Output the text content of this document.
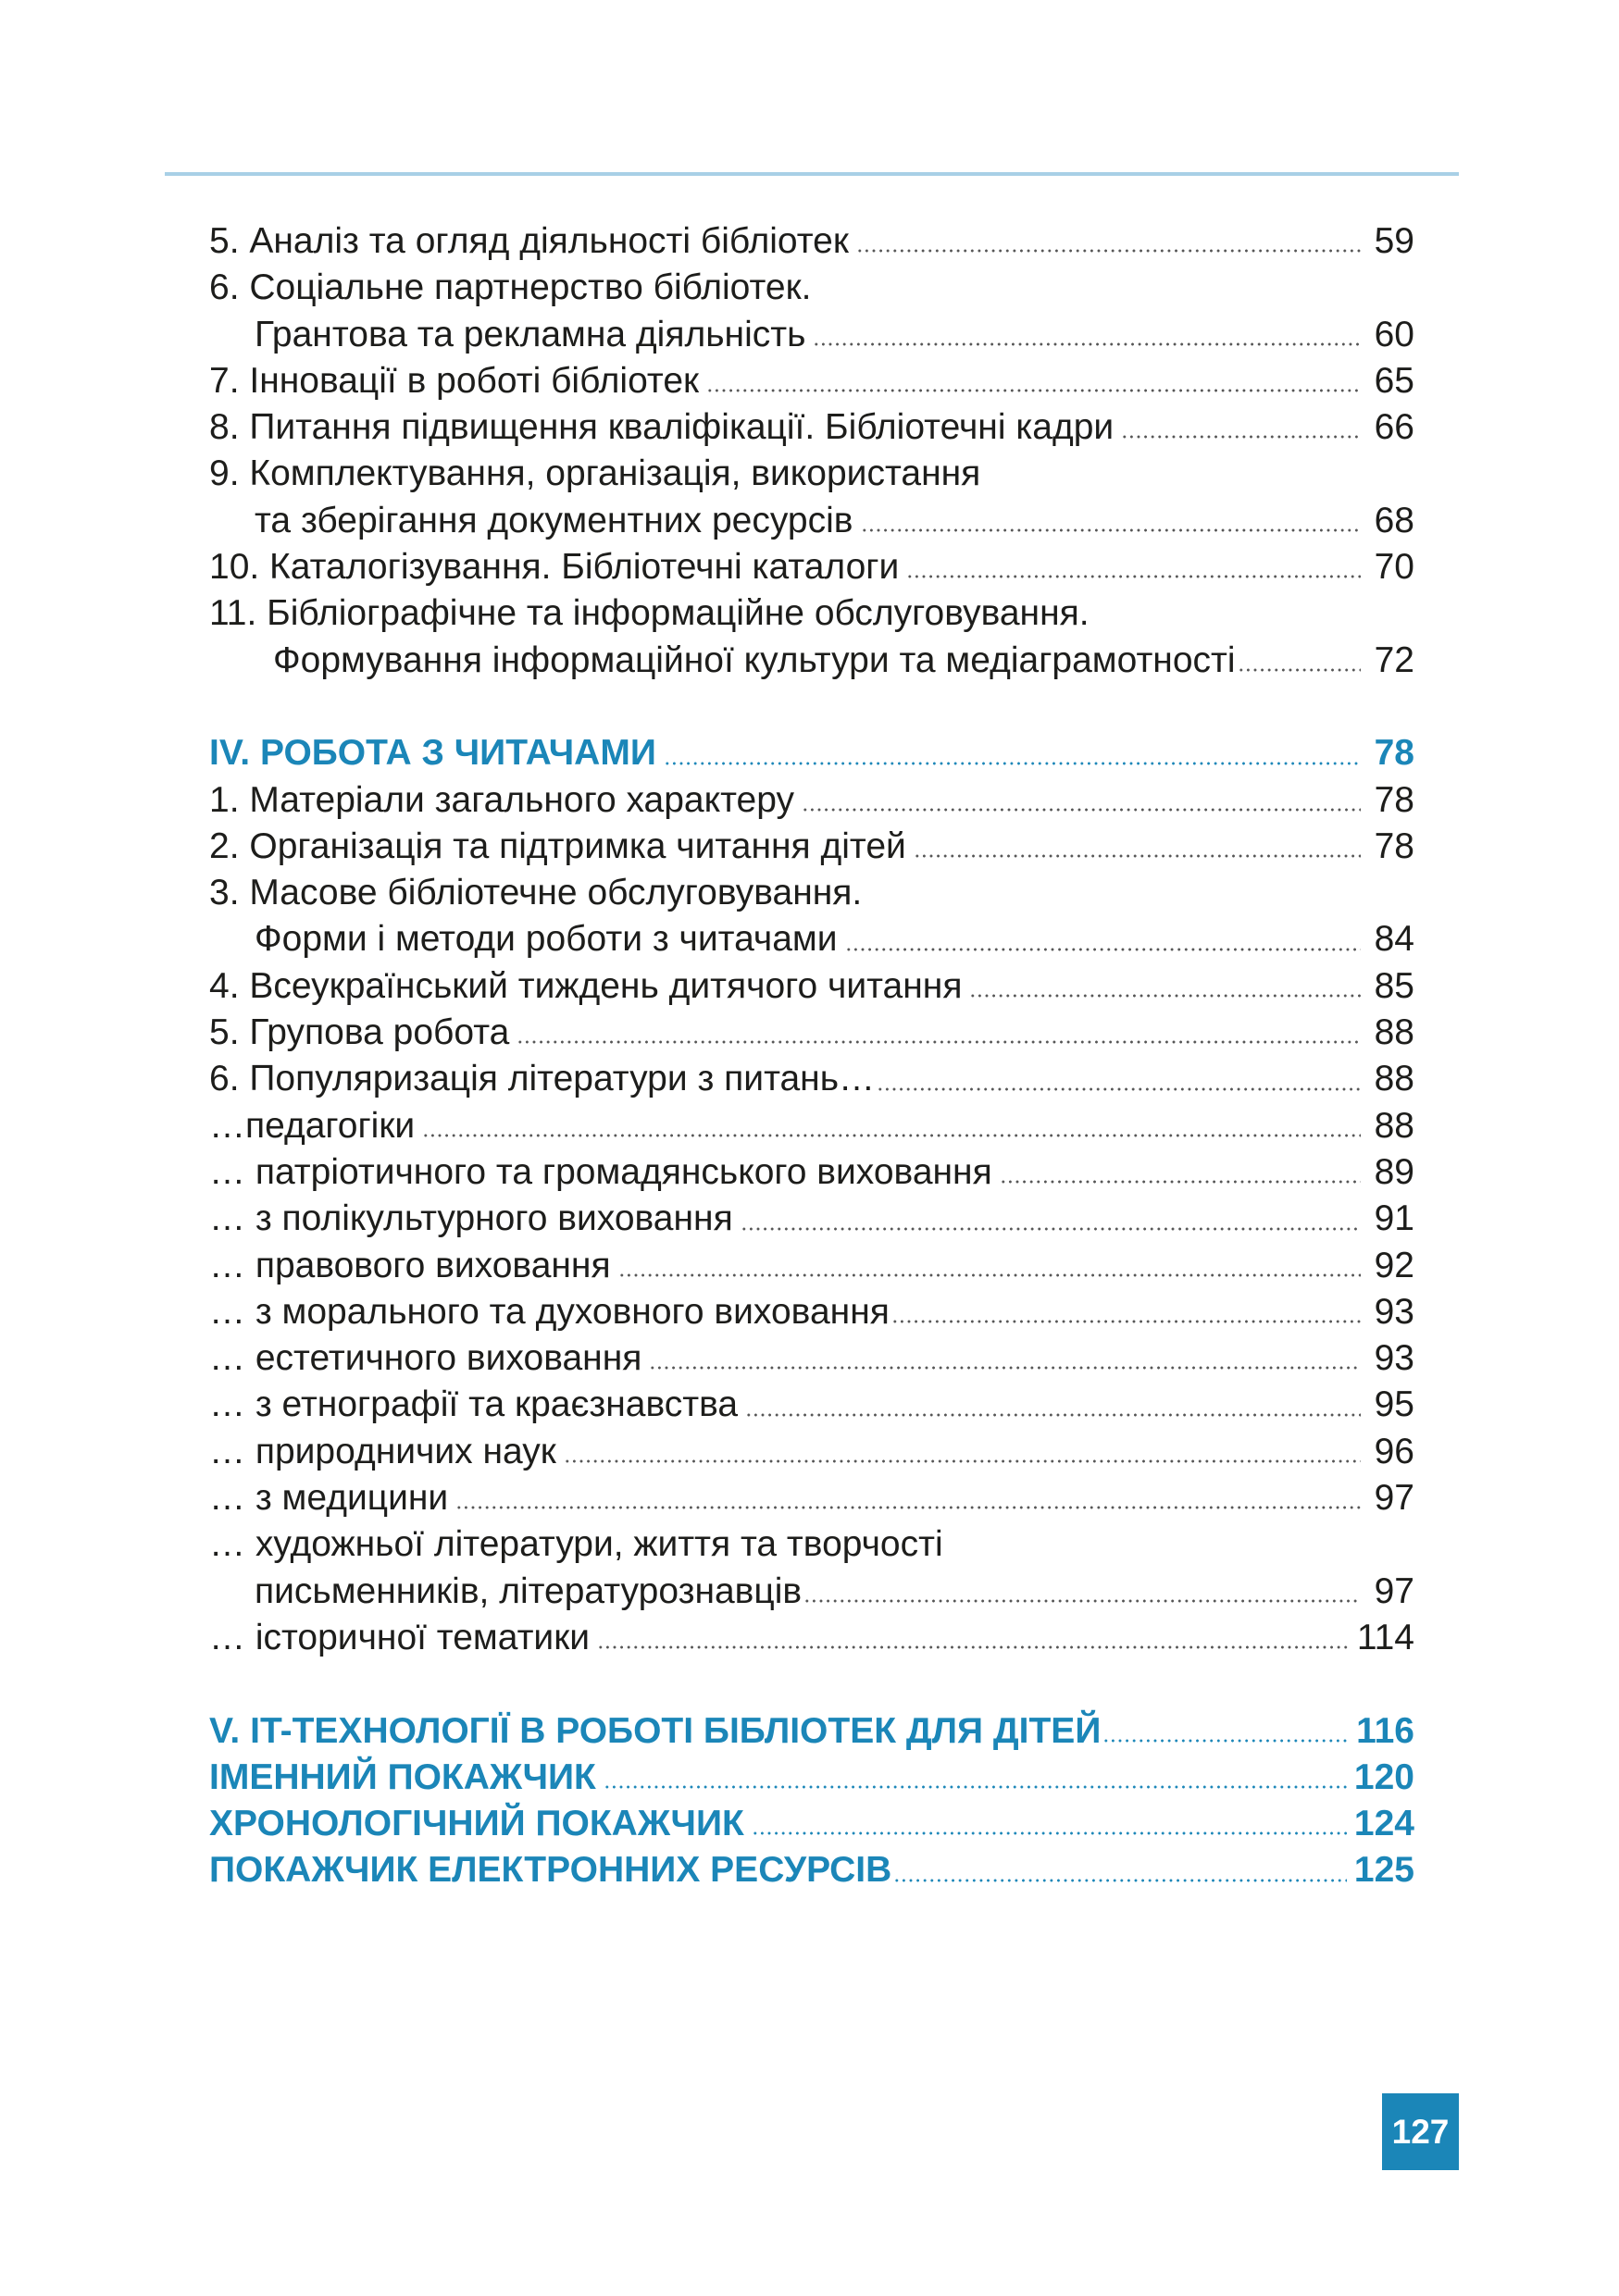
5. Аналіз та огляд діяльності бібліотек	59
6. Соціальне партнерство бібліотек.
Грантова та рекламна діяльність	60
7. Інновації в роботі бібліотек	65
8. Питання підвищення кваліфікації. Бібліотечні кадри	66
9. Комплектування, організація, використання
та зберігання документних ресурсів	68
10. Каталогізування. Бібліотечні каталоги	70
11. Бібліографічне та інформаційне обслуговування.
Формування інформаційної культури та медіаграмотності	72
IV. РОБОТА З ЧИТАЧАМИ	78
1. Матеріали загального характеру	78
2. Організація та підтримка читання дітей	78
3. Масове бібліотечне обслуговування.
Форми і методи роботи з читачами	84
4. Всеукраїнський тиждень дитячого читання	85
5. Групова робота	88
6. Популяризація літератури з питань…	88
…педагогіки	88
… патріотичного та громадянського виховання	89
… з полікультурного виховання	91
… правового виховання	92
… з морального та духовного виховання	93
… естетичного виховання	93
… з етнографії та краєзнавства	95
… природничих наук	96
… з медицини	97
… художньої літератури, життя та творчості
письменників, літературознавців	97
… історичної тематики	114
V. IT-ТЕХНОЛОГІЇ В РОБОТІ БІБЛІОТЕК ДЛЯ ДІТЕЙ	116
ІМЕННИЙ ПОКАЖЧИК	120
ХРОНОЛОГІЧНИЙ ПОКАЖЧИК	124
ПОКАЖЧИК ЕЛЕКТРОННИХ РЕСУРСІВ	125
127
